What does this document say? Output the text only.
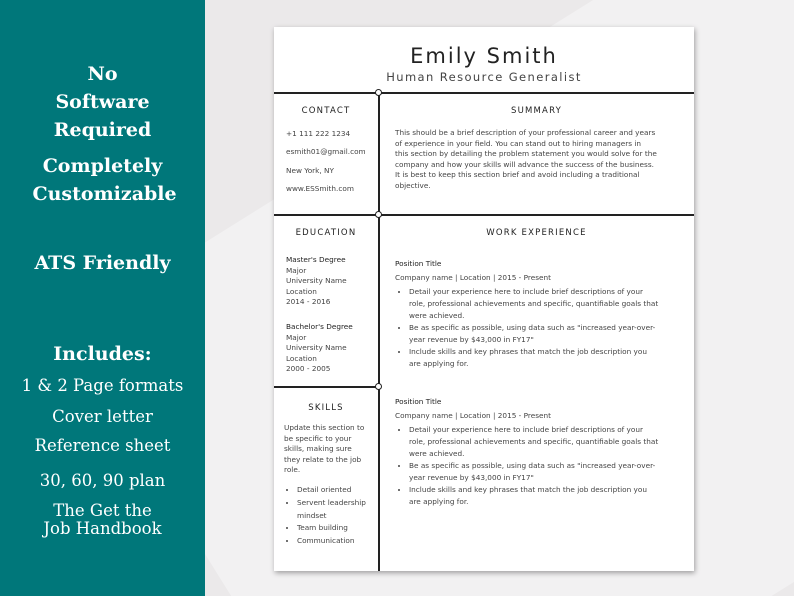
No Software Required
Completely Customizable
ATS Friendly
Includes:
1 & 2 Page formats
Cover letter
Reference sheet
30, 60, 90 plan
The Get the Job Handbook
Emily Smith
Human Resource Generalist
CONTACT
+1 111 222 1234
esmith01@gmail.com
New York, NY
www.ESSmith.com
SUMMARY
This should be a brief description of your professional career and years
of experience in your field. You can stand out to hiring managers in
this section by detailing the problem statement you would solve for the
company and how your skills will advance the success of the business.
It is best to keep this section brief and avoid including a traditional
objective.
EDUCATION
Master's Degree
Major
University Name
Location
2014 - 2016
Bachelor's Degree
Major
University Name
Location
2000 - 2005
SKILLS
Update this section to
be specific to your
skills, making sure
they relate to the job
role.
• Detail oriented
• Servent leadership
mindset
• Team building
• Communication
WORK EXPERIENCE
Position Title
Company name | Location | 2015 - Present
• Detail your experience here to include brief descriptions of your
role, professional achievements and specific, quantifiable goals that
were achieved.
• Be as specific as possible, using data such as "increased year-over-
year revenue by $43,000 in FY17"
• Include skills and key phrases that match the job description you
are applying for.
Position Title
Company name | Location | 2015 - Present
• Detail your experience here to include brief descriptions of your
role, professional achievements and specific, quantifiable goals that
were achieved.
• Be as specific as possible, using data such as "increased year-over-
year revenue by $43,000 in FY17"
• Include skills and key phrases that match the job description you
are applying for.
